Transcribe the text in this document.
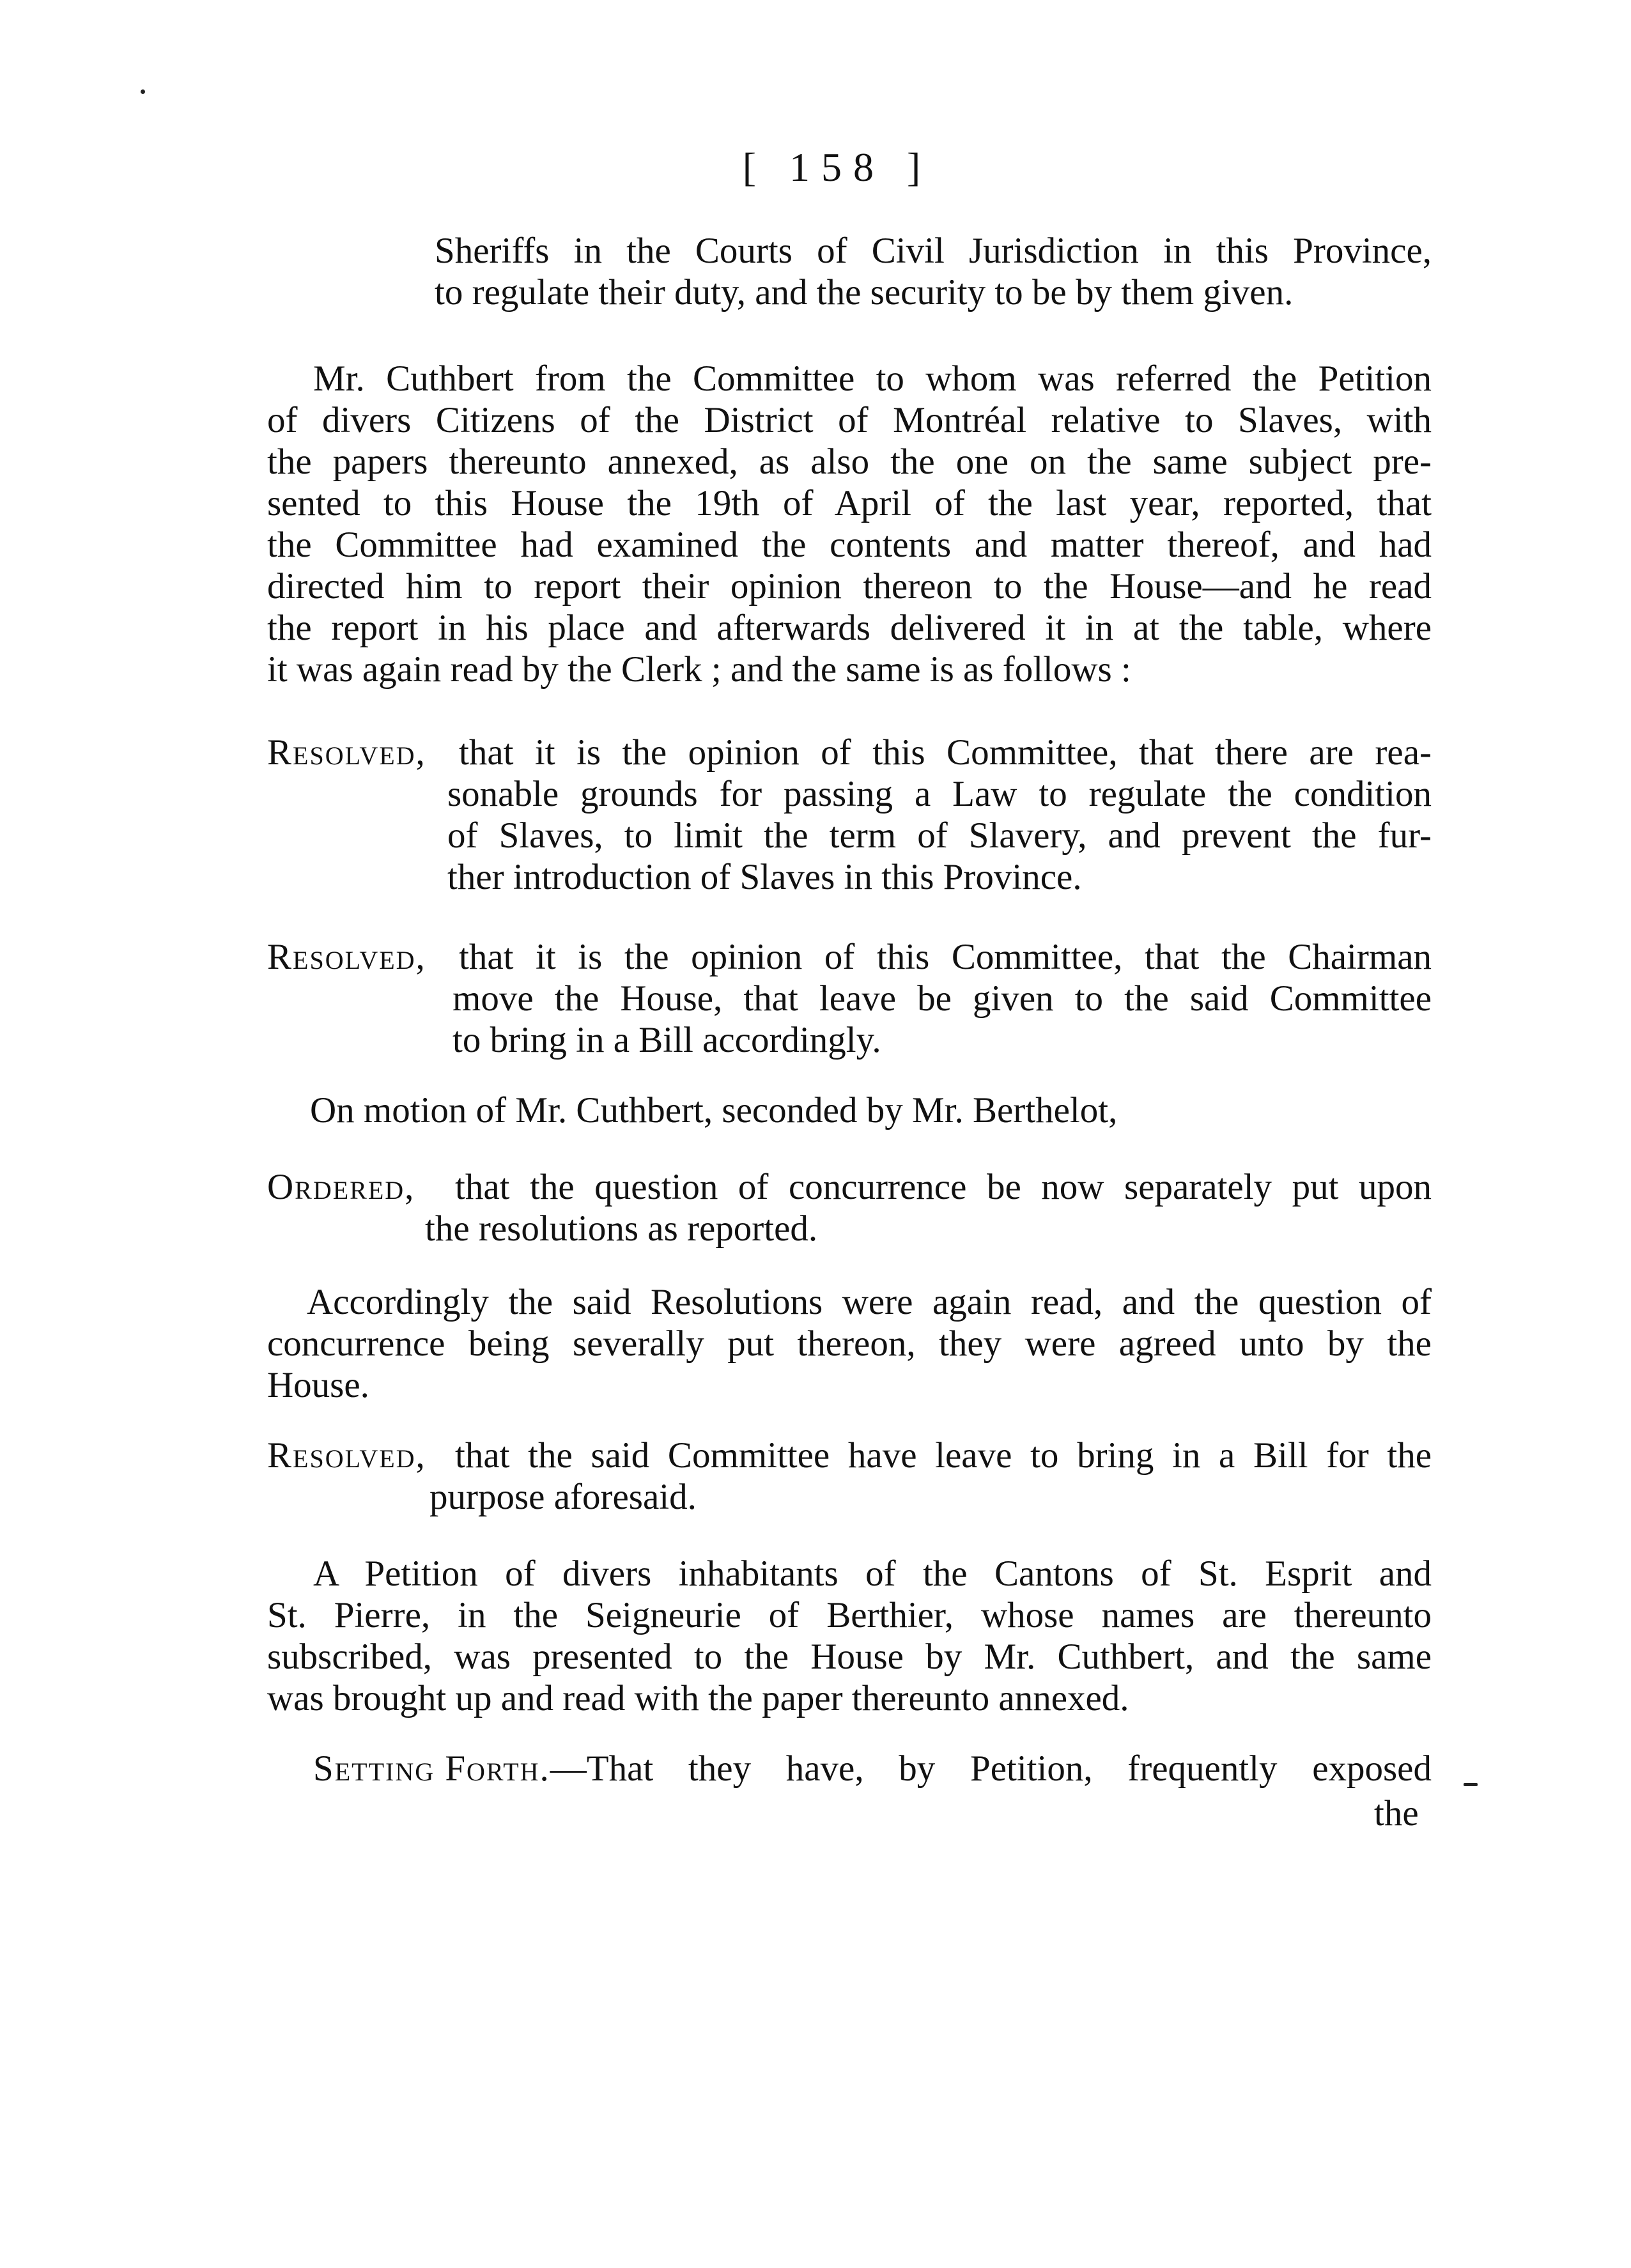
[ 158 ]
Sheriffs in the Courts of Civil Jurisdiction in this Province,
to regulate their duty, and the security to be by them given.
Mr. Cuthbert from the Committee to whom was referred the Petition
of divers Citizens of the District of Montréal relative to Slaves, with
the papers thereunto annexed, as also the one on the same subject pre-
sented to this House the 19th of April of the last year, reported, that
the Committee had examined the contents and matter thereof, and had
directed him to report their opinion thereon to the House—and he read
the report in his place and afterwards delivered it in at the table, where
it was again read by the Clerk ; and the same is as follows :
Resolved, that it is the opinion of this Committee, that there are rea-
sonable grounds for passing a Law to regulate the condition
of Slaves, to limit the term of Slavery, and prevent the fur-
ther introduction of Slaves in this Province.
Resolved, that it is the opinion of this Committee, that the Chairman
move the House, that leave be given to the said Committee
to bring in a Bill accordingly.
On motion of Mr. Cuthbert, seconded by Mr. Berthelot,
Ordered,	that the question of concurrence be now separately put upon
the resolutions as reported.
Accordingly the said Resolutions were again read, and the question of
concurrence being severally put thereon, they were agreed unto by the
House.
Resolved, that the said Committee have leave to bring in a Bill for the
purpose aforesaid.
A Petition of divers inhabitants of the Cantons of St. Esprit and
St. Pierre, in the Seigneurie of Berthier, whose names are thereunto
subscribed, was presented to the House by Mr. Cuthbert, and the same
was brought up and read with the paper thereunto annexed.
Setting Forth. —That they have, by Petition, frequently exposed
the
